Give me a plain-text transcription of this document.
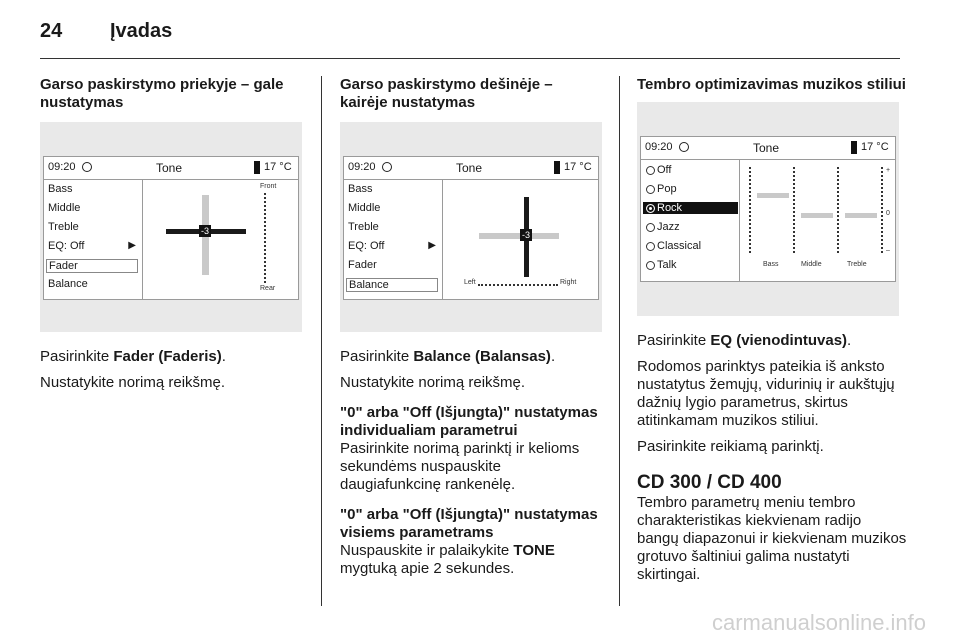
24 Įvadas

Garso paskirstymo priekyje – gale nustatymas

09:20	Tone	17 °C
Bass
Middle
Treble
EQ: Off	▶
Fader
Balance
-3
Front
Rear

Pasirinkite Fader (Faderis).

Nustatykite norimą reikšmę.

Garso paskirstymo dešinėje – kairėje nustatymas

09:20	Tone	17 °C
Bass
Middle
Treble
EQ: Off	▶
Fader
Balance
-3
Left	Right

Pasirinkite Balance (Balansas).

Nustatykite norimą reikšmę.

"0" arba "Off (Išjungta)" nustatymas individualiam parametrui

Pasirinkite norimą parinktį ir kelioms sekundėms nuspauskite daugiafunkcinę rankenėlę.

"0" arba "Off (Išjungta)" nustatymas visiems parametrams

Nuspauskite ir palaikykite TONE mygtuką apie 2 sekundes.

Tembro optimizavimas muzikos stiliui

09:20	Tone	17 °C
Off
Pop
Rock
Jazz
Classical
Talk
+
0
–
Bass	Middle	Treble

Pasirinkite EQ (vienodintuvas).

Rodomos parinktys pateikia iš anksto nustatytus žemųjų, vidurinių ir aukštųjų dažnių lygio parametrus, skirtus atitinkamam muzikos stiliui.

Pasirinkite reikiamą parinktį.

CD 300 / CD 400

Tembro parametrų meniu tembro charakteristikas kiekvienam radijo bangų diapazonui ir kiekvienam muzikos grotuvo šaltiniui galima nustatyti skirtingai.

carmanualsonline.info
